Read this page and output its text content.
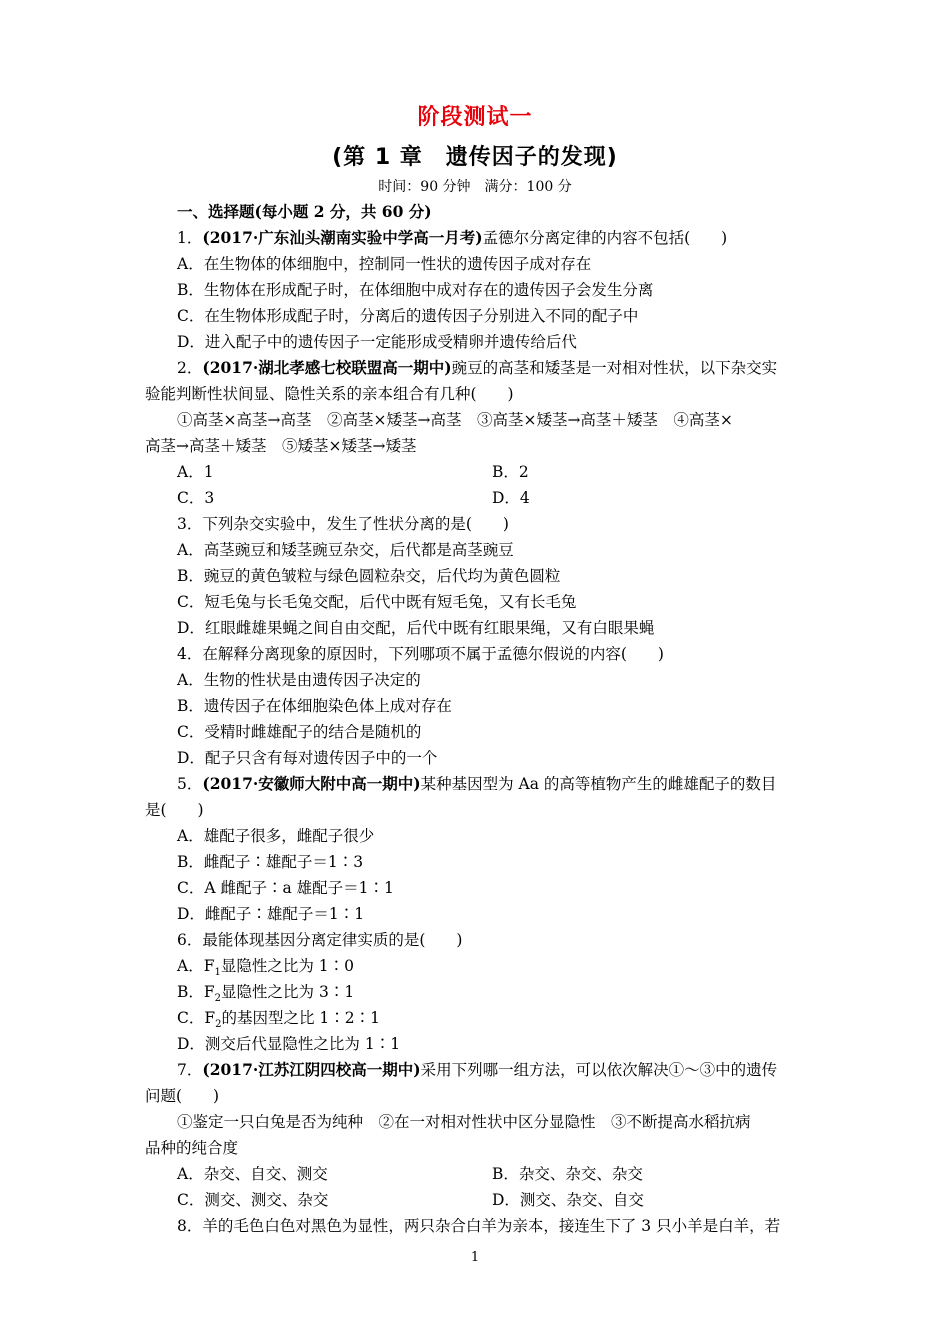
阶段测试一
(第 1 章　遗传因子的发现)
时间：90 分钟　满分：100 分
一、选择题(每小题 2 分，共 60 分)
1．(2017·广东汕头潮南实验中学高一月考)孟德尔分离定律的内容不包括(　　)
A．在生物体的体细胞中，控制同一性状的遗传因子成对存在
B．生物体在形成配子时，在体细胞中成对存在的遗传因子会发生分离
C．在生物体形成配子时，分离后的遗传因子分别进入不同的配子中
D．进入配子中的遗传因子一定能形成受精卵并遗传给后代
2．(2017·湖北孝感七校联盟高一期中)豌豆的高茎和矮茎是一对相对性状，以下杂交实
验能判断性状间显、隐性关系的亲本组合有几种(　　)
①高茎×高茎→高茎　②高茎×矮茎→高茎　③高茎×矮茎→高茎＋矮茎　④高茎×
高茎→高茎＋矮茎　⑤矮茎×矮茎→矮茎
A．1	B．2
C．3	D．4
3．下列杂交实验中，发生了性状分离的是(　　)
A．高茎豌豆和矮茎豌豆杂交，后代都是高茎豌豆
B．豌豆的黄色皱粒与绿色圆粒杂交，后代均为黄色圆粒
C．短毛兔与长毛兔交配，后代中既有短毛兔，又有长毛兔
D．红眼雌雄果蝇之间自由交配，后代中既有红眼果绳，又有白眼果蝇
4．在解释分离现象的原因时，下列哪项不属于孟德尔假说的内容(　　)
A．生物的性状是由遗传因子决定的
B．遗传因子在体细胞染色体上成对存在
C．受精时雌雄配子的结合是随机的
D．配子只含有每对遗传因子中的一个
5．(2017·安徽师大附中高一期中)某种基因型为 Aa 的高等植物产生的雌雄配子的数目
是(　　)
A．雄配子很多，雌配子很少
B．雌配子∶雄配子＝1∶3
C．A 雌配子∶a 雄配子＝1∶1
D．雌配子∶雄配子＝1∶1
6．最能体现基因分离定律实质的是(　　)
A．$F_1$显隐性之比为 1∶0
B．$F_2$显隐性之比为 3∶1
C．$F_2$的基因型之比 1∶2∶1
D．测交后代显隐性之比为 1∶1
7．(2017·江苏江阴四校高一期中)采用下列哪一组方法，可以依次解决①～③中的遗传
问题(　　)
①鉴定一只白兔是否为纯种　②在一对相对性状中区分显隐性　③不断提高水稻抗病
品种的纯合度
A．杂交、自交、测交	B．杂交、杂交、杂交
C．测交、测交、杂交	D．测交、杂交、自交
8．羊的毛色白色对黑色为显性，两只杂合白羊为亲本，接连生下了 3 只小羊是白羊，若
1
